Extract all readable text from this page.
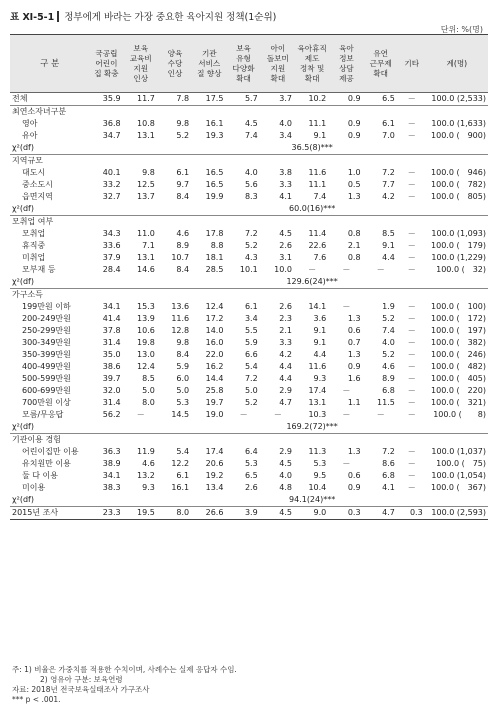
표 Ⅺ-5-1 정부에게 바라는 가장 중요한 육아지원 정책(1순위)
단위: %(명)
구 분	국공립
어린이
집 확충	보육
교육비
지원
인상	양육
수당
인상	기관
서비스
질 향상	보육
유형
다양화
확대	아이
돌보미
지원
확대	육아휴직
제도
정착 및
확대	육아
정보
상담
제공	유연
근무제
확대	기타	계(명)

전체	35.9	11.7	7.8	17.5	5.7	3.7	10.2	0.9	6.5	－	100.0 (2,533)
최연소자녀구분											
영아	36.8	10.8	9.8	16.1	4.5	4.0	11.1	0.9	6.1	－	100.0 (1,633)
유아	34.7	13.1	5.2	19.3	7.4	3.4	9.1	0.9	7.0	－	100.0 (　900)
χ²(df)						36.5(8)***					
지역규모											
대도시	40.1	9.8	6.1	16.5	4.0	3.8	11.6	1.0	7.2	－	100.0 (　946)
중소도시	33.2	12.5	9.7	16.5	5.6	3.3	11.1	0.5	7.7	－	100.0 (　782)
읍면지역	32.7	13.7	8.4	19.9	8.3	4.1	7.4	1.3	4.2	－	100.0 (　805)
χ²(df)						60.0(16)***					
모취업 여부											
모취업	34.3	11.0	4.6	17.8	7.2	4.5	11.4	0.8	8.5	－	100.0 (1,093)
휴직중	33.6	7.1	8.9	8.8	5.2	2.6	22.6	2.1	9.1	－	100.0 (　179)
미취업	37.9	13.1	10.7	18.1	4.3	3.1	7.6	0.8	4.4	－	100.0 (1,229)
모부재 등	28.4	14.6	8.4	28.5	10.1	10.0	－	－	－	－	100.0 (　32)
χ²(df)						129.6(24)***					
가구소득											
199만원 이하	34.1	15.3	13.6	12.4	6.1	2.6	14.1	－	1.9	－	100.0 (　100)
200-249만원	41.4	13.9	11.6	17.2	3.4	2.3	3.6	1.3	5.2	－	100.0 (　172)
250-299만원	37.8	10.6	12.8	14.0	5.5	2.1	9.1	0.6	7.4	－	100.0 (　197)
300-349만원	31.4	19.8	9.8	16.0	5.9	3.3	9.1	0.7	4.0	－	100.0 (　382)
350-399만원	35.0	13.0	8.4	22.0	6.6	4.2	4.4	1.3	5.2	－	100.0 (　246)
400-499만원	38.6	12.4	5.9	16.2	5.4	4.4	11.6	0.9	4.6	－	100.0 (　482)
500-599만원	39.7	8.5	6.0	14.4	7.2	4.4	9.3	1.6	8.9	－	100.0 (　405)
600-699만원	32.0	5.0	5.0	25.8	5.0	2.9	17.4	－	6.8	－	100.0 (　220)
700만원 이상	31.4	8.0	5.3	19.7	5.2	4.7	13.1	1.1	11.5	－	100.0 (　321)
모름/무응답	56.2	－	14.5	19.0	－	－	10.3	－	－	－	100.0 (　　8)
χ²(df)						169.2(72)***					
기관이용 경험											
어린이집만 이용	36.3	11.9	5.4	17.4	6.4	2.9	11.3	1.3	7.2	－	100.0 (1,037)
유치원만 이용	38.9	4.6	12.2	20.6	5.3	4.5	5.3	－	8.6	－	100.0 (　75)
둘 다 이용	34.1	13.2	6.1	19.2	6.5	4.0	9.5	0.6	6.8	－	100.0 (1,054)
미이용	38.3	9.3	16.1	13.4	2.6	4.8	10.4	0.9	4.1	－	100.0 (　367)
χ²(df)						94.1(24)***					
2015년 조사	23.3	19.5	8.0	26.6	3.9	4.5	9.0	0.3	4.7	0.3	100.0 (2,593)
주: 1) 비율은 가중치를 적용한 수치이며, 사례수는 실제 응답자 수임.
2) 영유아 구분: 보육연령
자료: 2018년 전국보육실태조사 가구조사
*** p < .001.
